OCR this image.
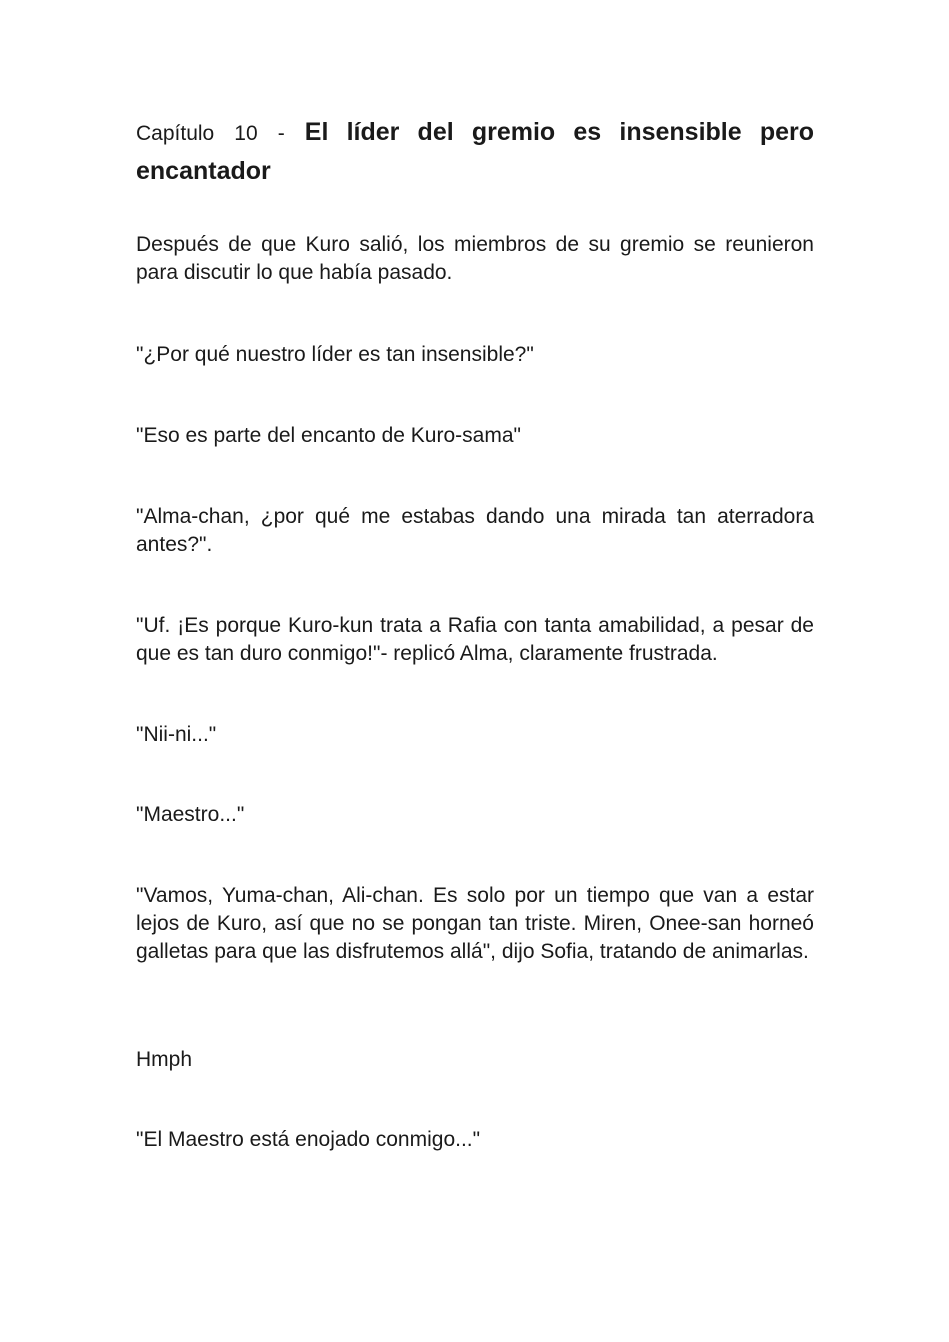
Capítulo 10 - El líder del gremio es insensible pero encantador

Después de que Kuro salió, los miembros de su gremio se reunieron para discutir lo que había pasado.

"¿Por qué nuestro líder es tan insensible?"

"Eso es parte del encanto de Kuro-sama"

"Alma-chan, ¿por qué me estabas dando una mirada tan aterradora antes?".

"Uf. ¡Es porque Kuro-kun trata a Rafia con tanta amabilidad, a pesar de que es tan duro conmigo!"- replicó Alma, claramente frustrada.

"Nii-ni..."

"Maestro..."

"Vamos, Yuma-chan, Ali-chan. Es solo por un tiempo que van a estar lejos de Kuro, así que no se pongan tan triste. Miren, Onee-san horneó galletas para que las disfrutemos allá", dijo Sofia, tratando de animarlas.

Hmph

"El Maestro está enojado conmigo..."
